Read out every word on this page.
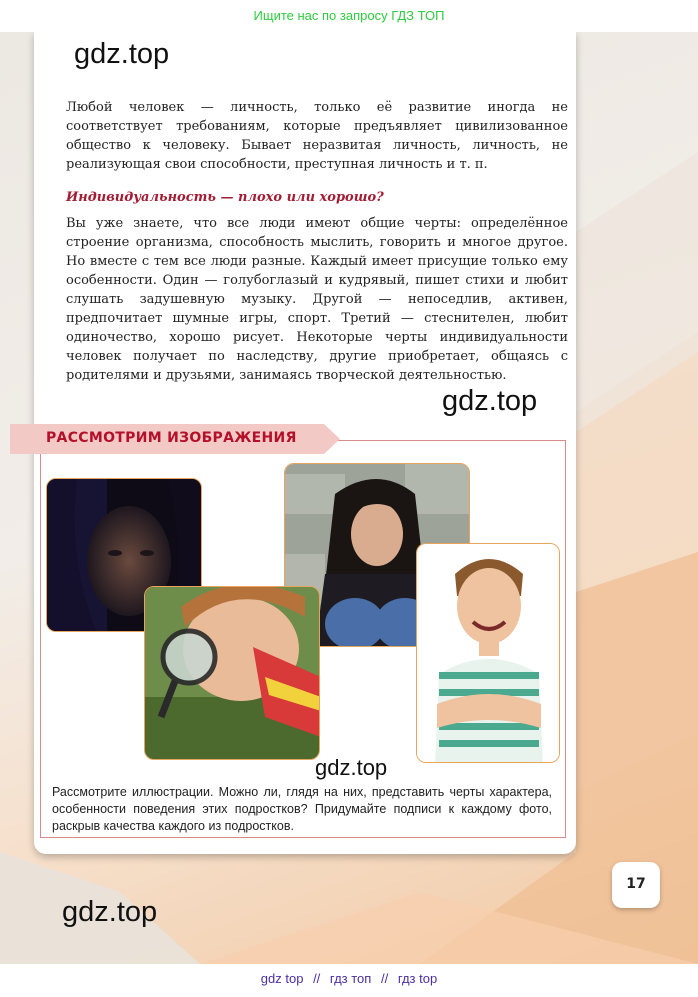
Ищите нас по запросу ГДЗ ТОП
gdz.top

Любой человек — личность, только её развитие иногда не соответствует требованиям, которые предъявляет цивилизованное общество к человеку. Бывает неразвитая личность, личность, не реализующая свои способности, преступная личность и т. п.

Индивидуальность — плохо или хорошо?

Вы уже знаете, что все люди имеют общие черты: определённое строение организма, способность мыслить, говорить и многое другое. Но вместе с тем все люди разные. Каждый имеет присущие только ему особенности. Один — голубоглазый и кудрявый, пишет стихи и любит слушать задушевную музыку. Другой — непоседлив, активен, предпочитает шумные игры, спорт. Третий — стеснителен, любит одиночество, хорошо рисует. Некоторые черты индивидуальности человек получает по наследству, другие приобретает, общаясь с родителями и друзьями, занимаясь творческой деятельностью.

gdz.top
РАССМОТРИМ ИЗОБРАЖЕНИЯ
gdz.top

Рассмотрите иллюстрации. Можно ли, глядя на них, представить черты характера, особенности поведения этих подростков? Придумайте подписи к каждому фото, раскрыв качества каждого из подростков.

17
gdz.top
gdz top // гдз топ // гдз top
